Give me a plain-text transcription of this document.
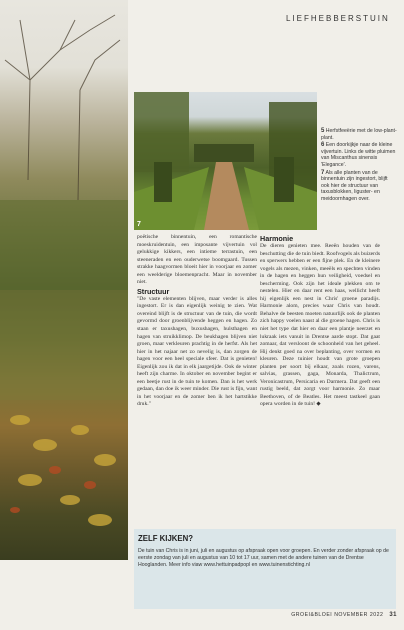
LIEFHEBBERSTUIN
7

5 Herfstfeeërie met de low-plant-plant.

6 Een doorkijkje naar de kleine vijvertuin. Links de witte pluimen van Miscanthus sinensis 'Elegance'.

7 Als alle planten van de binnentuin zijn ingestort, blijft ook hier de structuur van taxusblokken, liguster- en meidoornhagen over.

poëtische binnentuin, een romantische moeskruidentuin, een imposante vijvertuin vol gelukkige kikkers, een intieme terrastuin, een steeneraden en een ouderwetse boomgaard. Tussen strakke haagvormen bloeit hier in voorjaar en zomer een weelderige bloemenpracht. Maar in november niet.

Structuur

"De vaste elementen blijven, maar verder is alles ingestort. Er is dan eigenlijk weinig te zien. Wat overeind blijft is de structuur van de tuin, die wordt gevormd door groenblijvende heggen en hagen. Zo staan er taxushagen, buxushagen, hulsthagen en hagen van struikklimop. De beukhagen blijven niet groen, maar verkleuren prachtig in de herfst. Als het hier in het najaar net zo nevelig is, dan zorgen de hagen voor een heel speciale sfeer. Dat is genieten! Eigenlijk zou ik dat in elk jaargetijde. Ook de winter heeft zijn charme. In oktober en november begint er een beetje rust in de tuin te komen. Dan is het werk gedaan, dan doe ik weer minder. Die rust is fijn, want in het voorjaar en de zomer ben ik het hartstikke druk."

Harmonie

De dieren genieten mee. Reeën houden van de beschutting die de tuin biedt. Roofvogels als buizerds en sperwers hebben er een fijne plek. En de kleinere vogels als mezen, vinken, meeëls en spechten vinden in de hagen en heggen hun veiligheid, voedsel en bescherming. Ook zijn het ideale plekken om te nestelen. Hier en daar rent een haas, wellicht heeft hij eigenlijk een nest in Chris' groene paradijs. Harmonie alom, precies waar Chris van houdt. Behalve de beesten moeten natuurlijk ook de planten zich happy voelen naast al die groene hagen. Chris is niet het type dat hier en daar een plantje neerzet en lukraak iets vanuit in Drentse aarde stopt. Dat gaat zomaar, dat versloont de schoonheid van het geheel. Hij denkt goed na over beplanting, over vormen en kleuren. Deze tuinier houdt van grote groepen planten per soort bij elkaar, zoals rozen, varens, salvias, grassen, gaga, Monarda, Thalictrum, Veronicastrum, Persicaria en Darmera. Dat geeft een rustig beeld, dat zorgt voor harmonie. Zo maar Beethoven, of de Beatles. Het meest tastkeel gaan opera worden in de tuin! ◆

ZELF KIJKEN?

De tuin van Chris is in juni, juli en augustus op afspraak open voor groepen. En verder zonder afspraak op de eerste zondag van juli en augustus van 10 tot 17 uur, samen met de andere tuinen van de Drentse Hooglanden. Meer info viaw www.hettuinpadpopl en www.tuinenstichting.nl

GROEI&BLOEI NOVEMBER 2022 31
